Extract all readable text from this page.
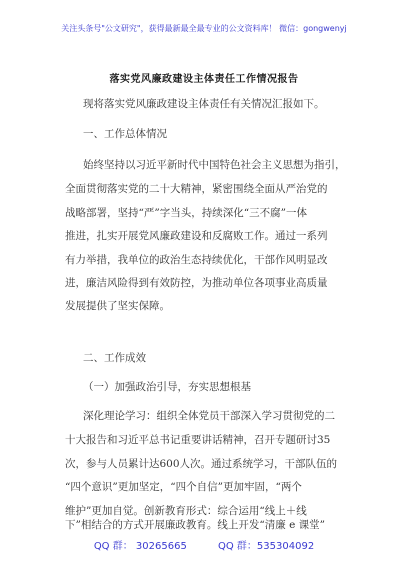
关注头条号"公文研究"，获得最新最全最专业的公文资料库！ 微信：gongwenyj
落实党风廉政建设主体责任工作情况报告
现将落实党风廉政建设主体责任有关情况汇报如下。
一、工作总体情况
始终坚持以习近平新时代中国特色社会主义思想为指引，
全面贯彻落实党的二十大精神，紧密围绕全面从严治党的
战略部署，坚持“严”字当头，持续深化“三不腐”一体
推进，扎实开展党风廉政建设和反腐败工作。通过一系列
有力举措，我单位的政治生态持续优化，干部作风明显改
进，廉洁风险得到有效防控，为推动单位各项事业高质量
发展提供了坚实保障。
二、工作成效
（一）加强政治引导，夯实思想根基
深化理论学习：组织全体党员干部深入学习贯彻党的二
十大报告和习近平总书记重要讲话精神，召开专题研讨35
次，参与人员累计达600人次。通过系统学习，干部队伍的
“四个意识”更加坚定，“四个自信”更加牢固，“两个
维护”更加自觉。创新教育形式：综合运用“线上＋线
下”相结合的方式开展廉政教育。线上开发“清廉 e 课堂”
QQ 群： 30265665	QQ 群：535304092
